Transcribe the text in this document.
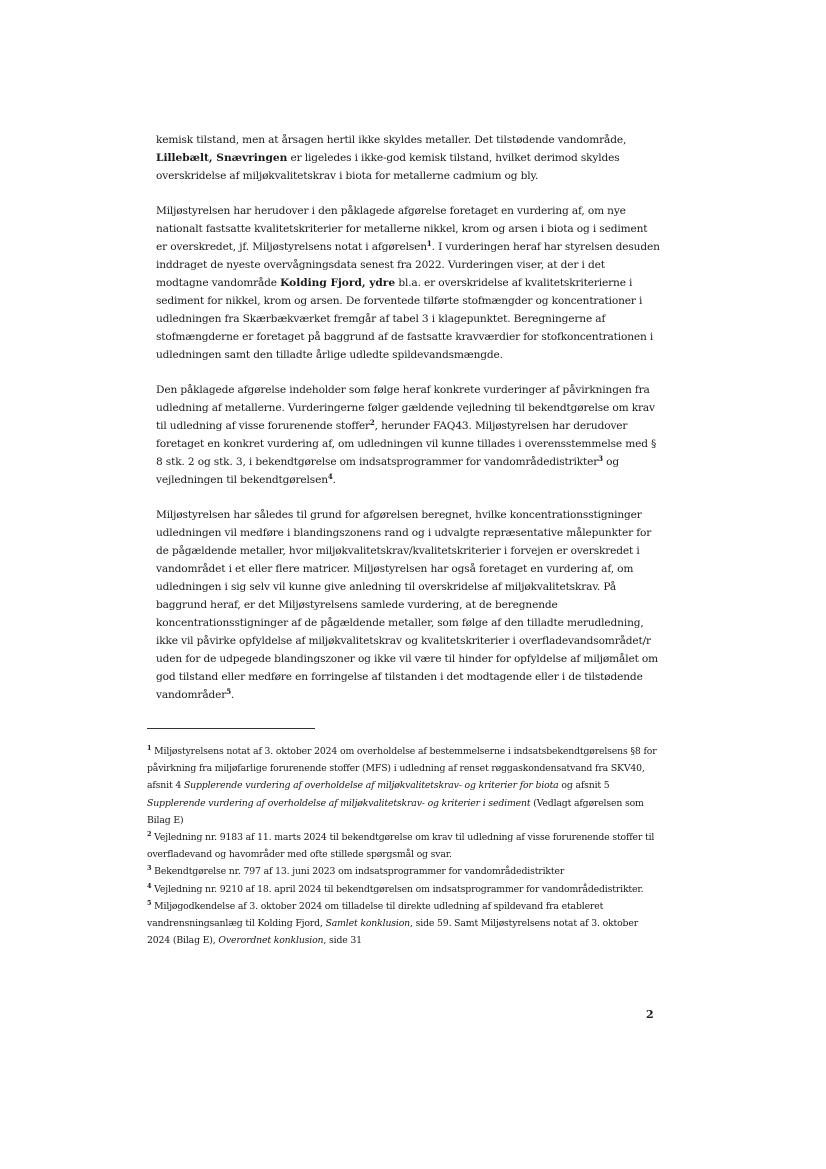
kemisk tilstand, men at årsagen hertil ikke skyldes metaller. Det tilstødende vandområde, Lillebælt, Snævringen er ligeledes i ikke-god kemisk tilstand, hvilket derimod skyldes overskridelse af miljøkvalitetskrav i biota for metallerne cadmium og bly.

Miljøstyrelsen har herudover i den påklagede afgørelse foretaget en vurdering af, om nye nationalt fastsatte kvalitetskriterier for metallerne nikkel, krom og arsen i biota og i sediment er overskredet, jf. Miljøstyrelsens notat i afgørelsen$^1$. I vurderingen heraf har styrelsen desuden inddraget de nyeste overvågningsdata senest fra 2022. Vurderingen viser, at der i det modtagne vandområde Kolding Fjord, ydre bl.a. er overskridelse af kvalitetskriterierne i sediment for nikkel, krom og arsen. De forventede tilførte stofmængder og koncentrationer i udledningen fra Skærbækværket fremgår af tabel 3 i klagepunktet. Beregningerne af stofmængderne er foretaget på baggrund af de fastsatte kravværdier for stofkoncentrationen i udledningen samt den tilladte årlige udledte spildevandsmængde.

Den påklagede afgørelse indeholder som følge heraf konkrete vurderinger af påvirkningen fra udledning af metallerne. Vurderingerne følger gældende vejledning til bekendtgørelse om krav til udledning af visse forurenende stoffer$^2$, herunder FAQ43. Miljøstyrelsen har derudover foretaget en konkret vurdering af, om udledningen vil kunne tillades i overensstemmelse med § 8 stk. 2 og stk. 3, i bekendtgørelse om indsatsprogrammer for vandområdedistrikter$^3$ og vejledningen til bekendtgørelsen$^4$.

Miljøstyrelsen har således til grund for afgørelsen beregnet, hvilke koncentrationsstigninger udledningen vil medføre i blandingszonens rand og i udvalgte repræsentative målepunkter for de pågældende metaller, hvor miljøkvalitetskrav/kvalitetskriterier i forvejen er overskredet i vandområdet i et eller flere matricer. Miljøstyrelsen har også foretaget en vurdering af, om udledningen i sig selv vil kunne give anledning til overskridelse af miljøkvalitetskrav. På baggrund heraf, er det Miljøstyrelsens samlede vurdering, at de beregnende koncentrationsstigninger af de pågældende metaller, som følge af den tilladte merudledning, ikke vil påvirke opfyldelse af miljøkvalitetskrav og kvalitetskriterier i overfladevandsområdet/r uden for de udpegede blandingszoner og ikke vil være til hinder for opfyldelse af miljømålet om god tilstand eller medføre en forringelse af tilstanden i det modtagende eller i de tilstødende vandområder$^5$.

$^1$ Miljøstyrelsens notat af 3. oktober 2024 om overholdelse af bestemmelserne i indsatsbekendtgørelsens §8 for påvirkning fra miljøfarlige forurenende stoffer (MFS) i udledning af renset røggaskondensatvand fra SKV40, afsnit 4 Supplerende vurdering af overholdelse af miljøkvalitetskrav- og kriterier for biota og afsnit 5 Supplerende vurdering af overholdelse af miljøkvalitetskrav- og kriterier i sediment (Vedlagt afgørelsen som Bilag E)

$^2$ Vejledning nr. 9183 af 11. marts 2024 til bekendtgørelse om krav til udledning af visse forurenende stoffer til overfladevand og havområder med ofte stillede spørgsmål og svar.

$^3$ Bekendtgørelse nr. 797 af 13. juni 2023 om indsatsprogrammer for vandområdedistrikter

$^4$ Vejledning nr. 9210 af 18. april 2024 til bekendtgørelsen om indsatsprogrammer for vandområdedistrikter.

$^5$ Miljøgodkendelse af 3. oktober 2024 om tilladelse til direkte udledning af spildevand fra etableret vandrensningsanlæg til Kolding Fjord, Samlet konklusion, side 59. Samt Miljøstyrelsens notat af 3. oktober 2024 (Bilag E), Overordnet konklusion, side 31

2
